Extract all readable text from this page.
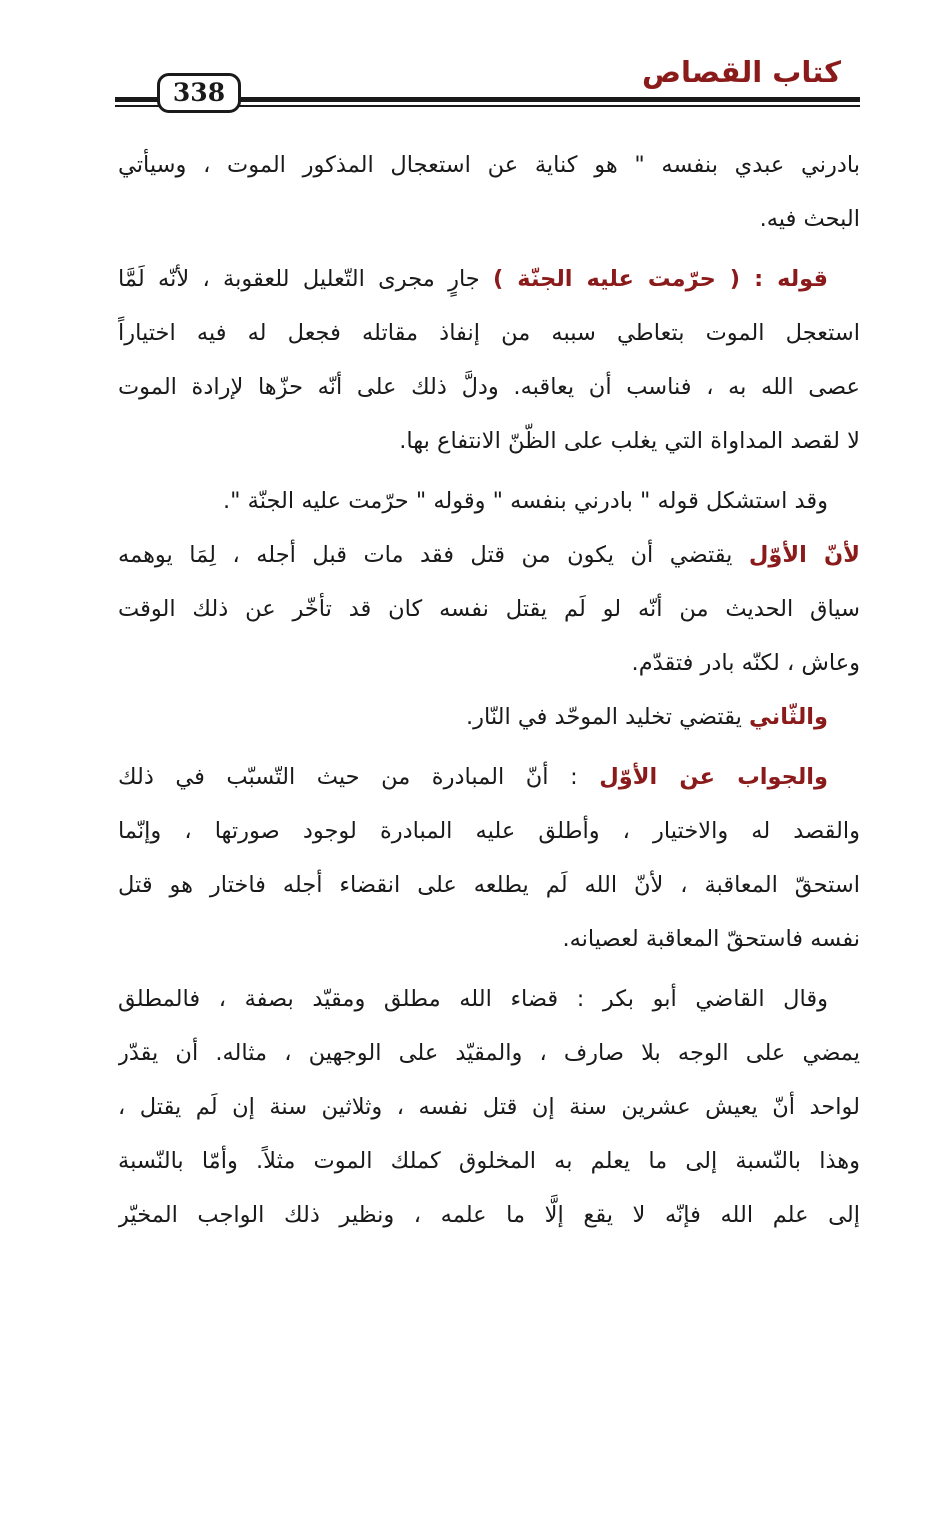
كتاب القصاص
338
بادرني عبدي بنفسه " هو كناية عن استعجال المذكور الموت ، وسيأتي
البحث فيه.
قوله : ( حرّمت عليه الجنّة ) جارٍ مجرى التّعليل للعقوبة ، لأنّه لَمَّا
استعجل الموت بتعاطي سببه من إنفاذ مقاتله فجعل له فيه اختياراً
عصى الله به ، فناسب أن يعاقبه. ودلَّ ذلك على أنّه حزّها لإرادة الموت
لا لقصد المداواة التي يغلب على الظّنّ الانتفاع بها.
وقد استشكل قوله " بادرني بنفسه " وقوله " حرّمت عليه الجنّة ".
لأنّ الأوّل يقتضي أن يكون من قتل فقد مات قبل أجله ، لِمَا يوهمه
سياق الحديث من أنّه لو لَم يقتل نفسه كان قد تأخّر عن ذلك الوقت
وعاش ، لكنّه بادر فتقدّم.
والثّاني يقتضي تخليد الموحّد في النّار.
والجواب عن الأوّل : أنّ المبادرة من حيث التّسبّب في ذلك
والقصد له والاختيار ، وأطلق عليه المبادرة لوجود صورتها ، وإنّما
استحقّ المعاقبة ، لأنّ الله لَم يطلعه على انقضاء أجله فاختار هو قتل
نفسه فاستحقّ المعاقبة لعصيانه.
وقال القاضي أبو بكر : قضاء الله مطلق ومقيّد بصفة ، فالمطلق
يمضي على الوجه بلا صارف ، والمقيّد على الوجهين ، مثاله. أن يقدّر
لواحد أنّ يعيش عشرين سنة إن قتل نفسه ، وثلاثين سنة إن لَم يقتل ،
وهذا بالنّسبة إلى ما يعلم به المخلوق كملك الموت مثلاً. وأمّا بالنّسبة
إلى علم الله فإنّه لا يقع إلَّا ما علمه ، ونظير ذلك الواجب المخيّر
